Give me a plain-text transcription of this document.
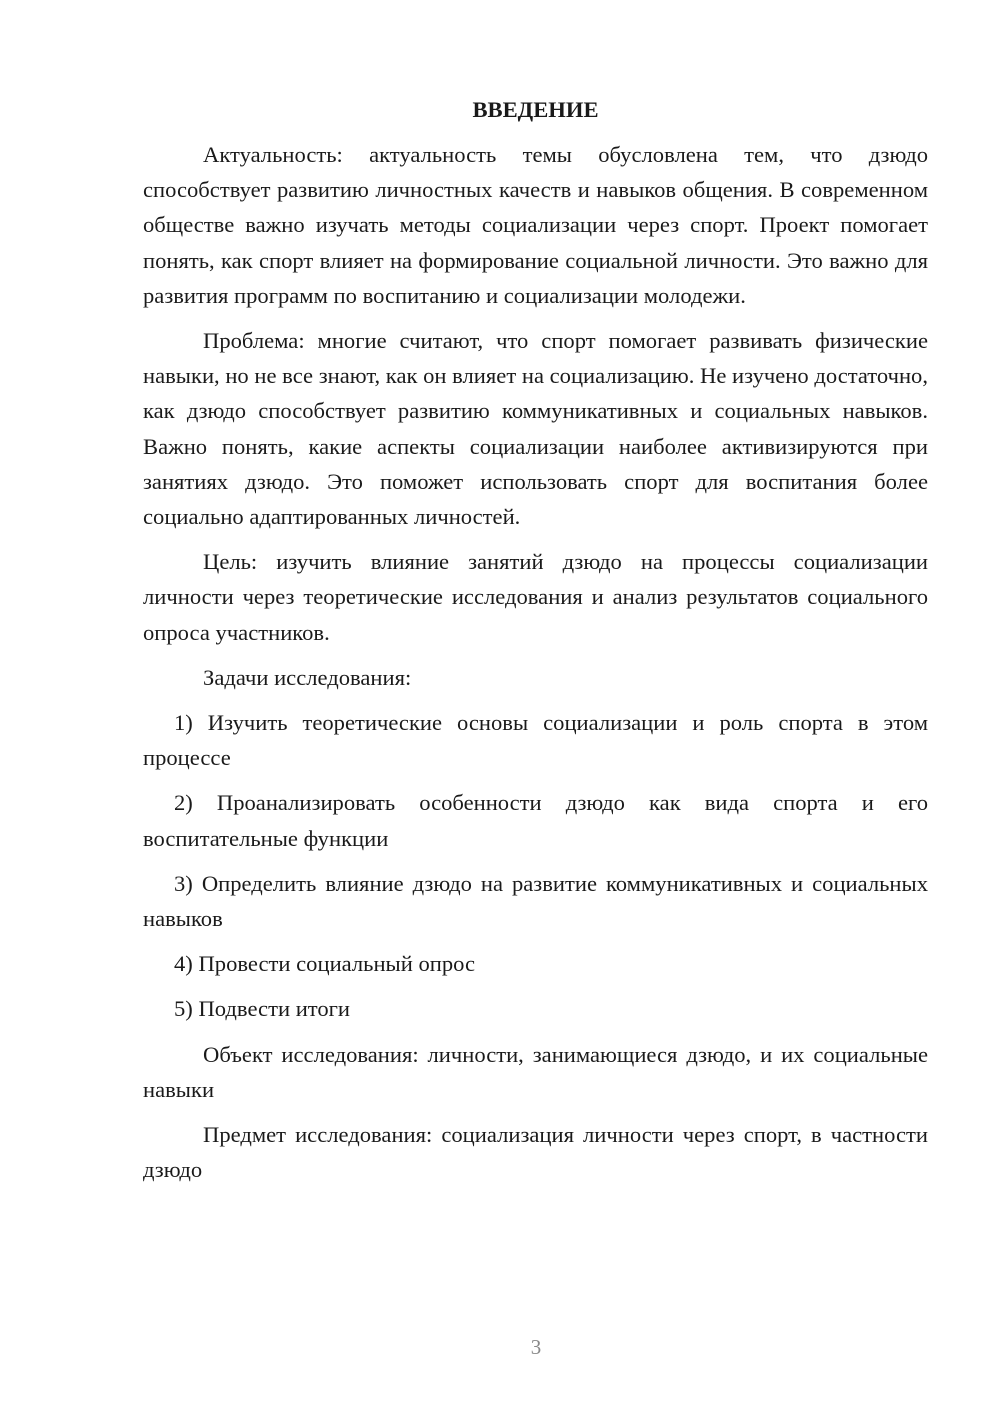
ВВЕДЕНИЕ

Актуальность: актуальность темы обусловлена тем, что дзюдо способствует развитию личностных качеств и навыков общения. В современном обществе важно изучать методы социализации через спорт. Проект помогает понять, как спорт влияет на формирование социальной личности. Это важно для развития программ по воспитанию и социализации молодежи.

Проблема: многие считают, что спорт помогает развивать физические навыки, но не все знают, как он влияет на социализацию. Не изучено достаточно, как дзюдо способствует развитию коммуникативных и социальных навыков. Важно понять, какие аспекты социализации наиболее активизируются при занятиях дзюдо. Это поможет использовать спорт для воспитания более социально адаптированных личностей.

Цель: изучить влияние занятий дзюдо на процессы социализации личности через теоретические исследования и анализ результатов социального опроса участников.

Задачи исследования:

1) Изучить теоретические основы социализации и роль спорта в этом процессе

2) Проанализировать особенности дзюдо как вида спорта и его воспитательные функции

3) Определить влияние дзюдо на развитие коммуникативных и социальных навыков

4) Провести социальный опрос

5) Подвести итоги

Объект исследования: личности, занимающиеся дзюдо, и их социальные навыки

Предмет исследования: социализация личности через спорт, в частности дзюдо

3
